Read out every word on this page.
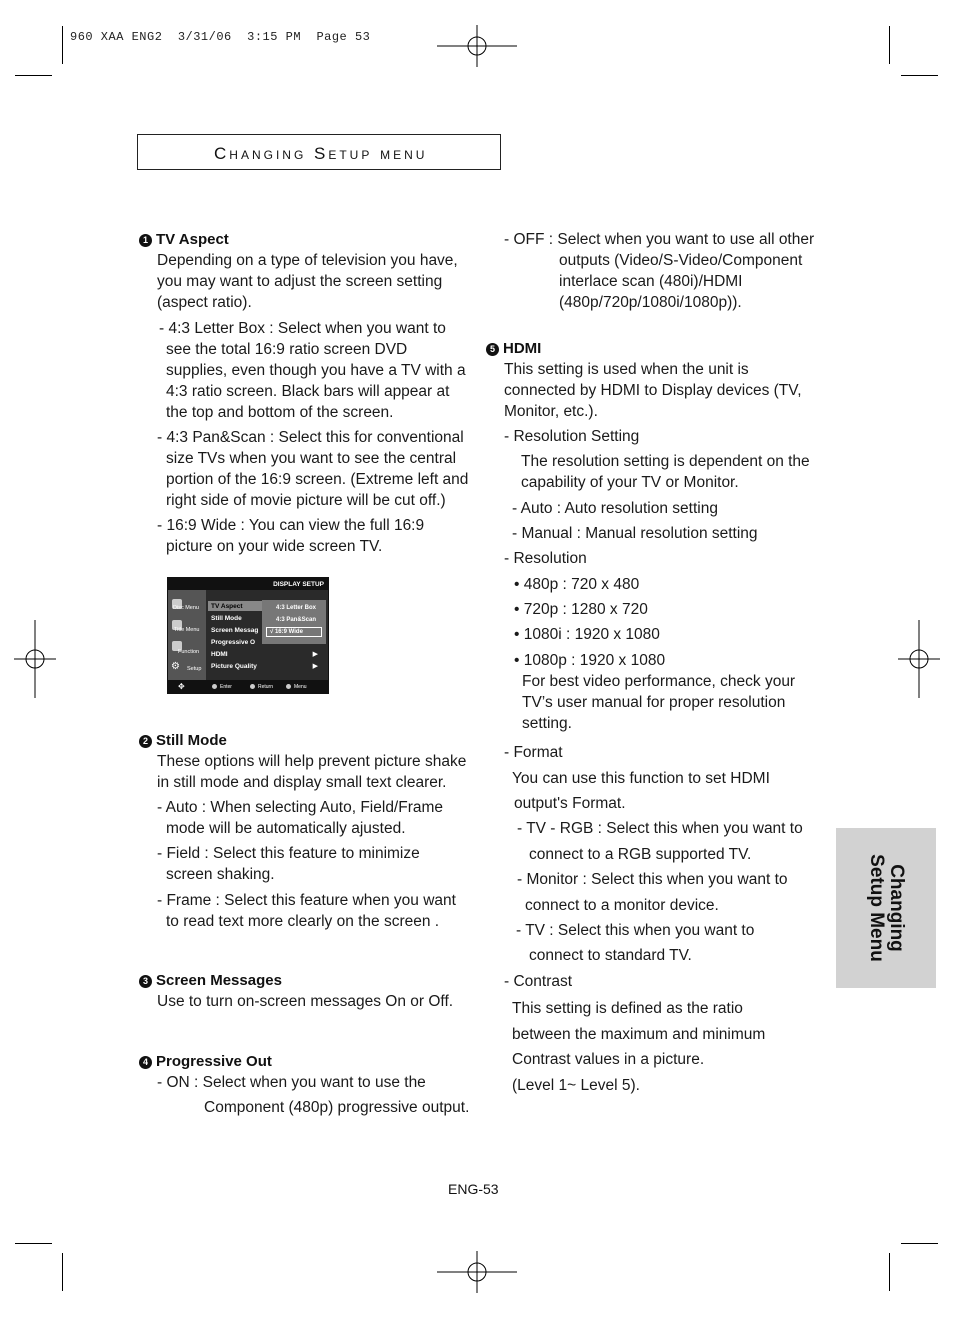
960 XAA ENG2  3/31/06  3:15 PM  Page 53
Changing Setup menu
Changing
Setup Menu
1 TV Aspect
Depending on a type of television you have,
you may want to adjust the screen setting
(aspect ratio).
- 4:3 Letter Box : Select when you want to
see the total 16:9 ratio screen DVD
supplies, even though you have a TV with a
4:3 ratio screen. Black bars will appear at
the top and bottom of the screen.
- 4:3 Pan&Scan : Select this for conventional
size TVs when you want to see the central
portion of the 16:9 screen. (Extreme left and
right side of movie picture will be cut off.)
- 16:9 Wide : You can view the full 16:9
picture on your wide screen TV.
DISPLAY SETUP
Disc Menu
Title Menu
Function
⚙ Setup
TV Aspect
Still Mode
Screen Messag
Progressive O
HDMI	▶
Picture Quality	▶
4:3 Letter Box
4:3 Pan&Scan
√ 16:9 Wide
✥	Enter	Return	Menu
2 Still Mode
These options will help prevent picture shake
in still mode and display small text clearer.
- Auto : When selecting Auto, Field/Frame
mode will be automatically ajusted.
- Field : Select this feature to minimize
screen shaking.
- Frame : Select this feature when you want
to read text more clearly on the screen .
3 Screen Messages
Use to turn on-screen messages On or Off.
4 Progressive Out
- ON : Select when you want to use the
Component (480p) progressive output.
- OFF : Select when you want to use all other
outputs (Video/S-Video/Component
interlace scan (480i)/HDMI
(480p/720p/1080i/1080p)).
5 HDMI
This setting is used when the unit is
connected by HDMI to Display devices (TV,
Monitor, etc.).
- Resolution Setting
The resolution setting is dependent on the
capability of your TV or Monitor.
- Auto : Auto resolution setting
- Manual : Manual resolution setting
- Resolution
• 480p : 720 x 480
• 720p : 1280 x 720
• 1080i : 1920 x 1080
• 1080p : 1920 x 1080
For best video performance, check your
TV’s user manual for proper resolution
setting.
- Format
You can use this function to set HDMI
output's Format.
- TV - RGB : Select this when you want to
connect to a RGB supported TV.
- Monitor : Select this when you want to
connect to a monitor device.
- TV : Select this when you want to
connect to standard TV.
- Contrast
This setting is defined as the ratio
between the maximum and minimum
Contrast values in a picture.
(Level 1~ Level 5).
ENG-53
